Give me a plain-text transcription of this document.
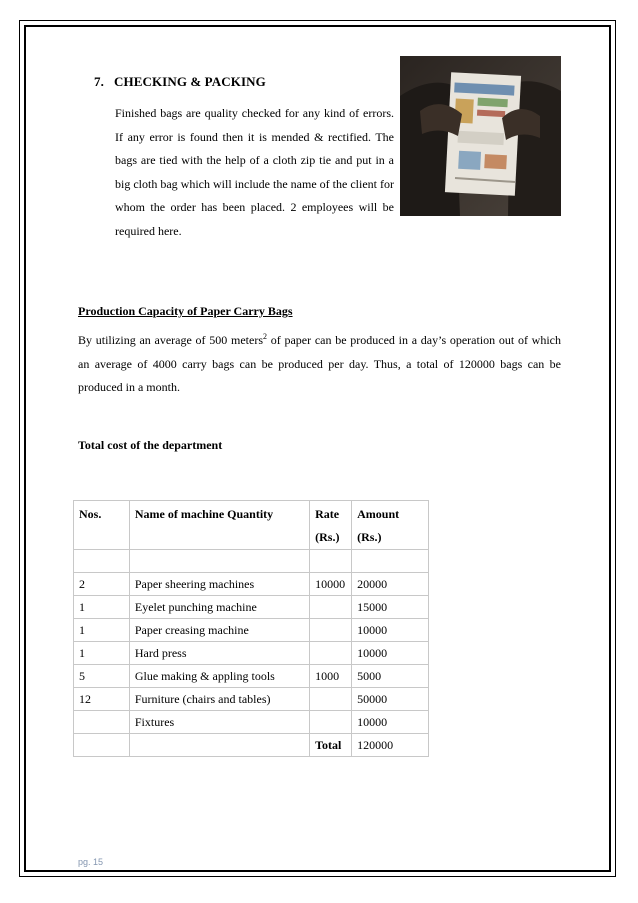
7. CHECKING & PACKING

Finished bags are quality checked for any kind of errors. If any error is found then it is mended & rectified. The bags are tied with the help of a cloth zip tie and put in a big cloth bag which will include the name of the client for whom the order has been placed. 2 employees will be required here.

Production Capacity of Paper Carry Bags

By utilizing an average of 500 meters$^2$ of paper can be produced in a day’s operation out of which an average of 4000 carry bags can be produced per day. Thus, a total of 120000 bags can be produced in a month.

Total cost of the department
Nos.	Name of machine Quantity	Rate (Rs.)	Amount (Rs.)

2	Paper sheering machines	10000	20000
1	Eyelet punching machine		15000
1	Paper creasing machine		10000
1	Hard press		10000
5	Glue making & appling tools	1000	5000
12	Furniture (chairs and tables)		50000
	Fixtures		10000
		Total	120000
pg. 15
